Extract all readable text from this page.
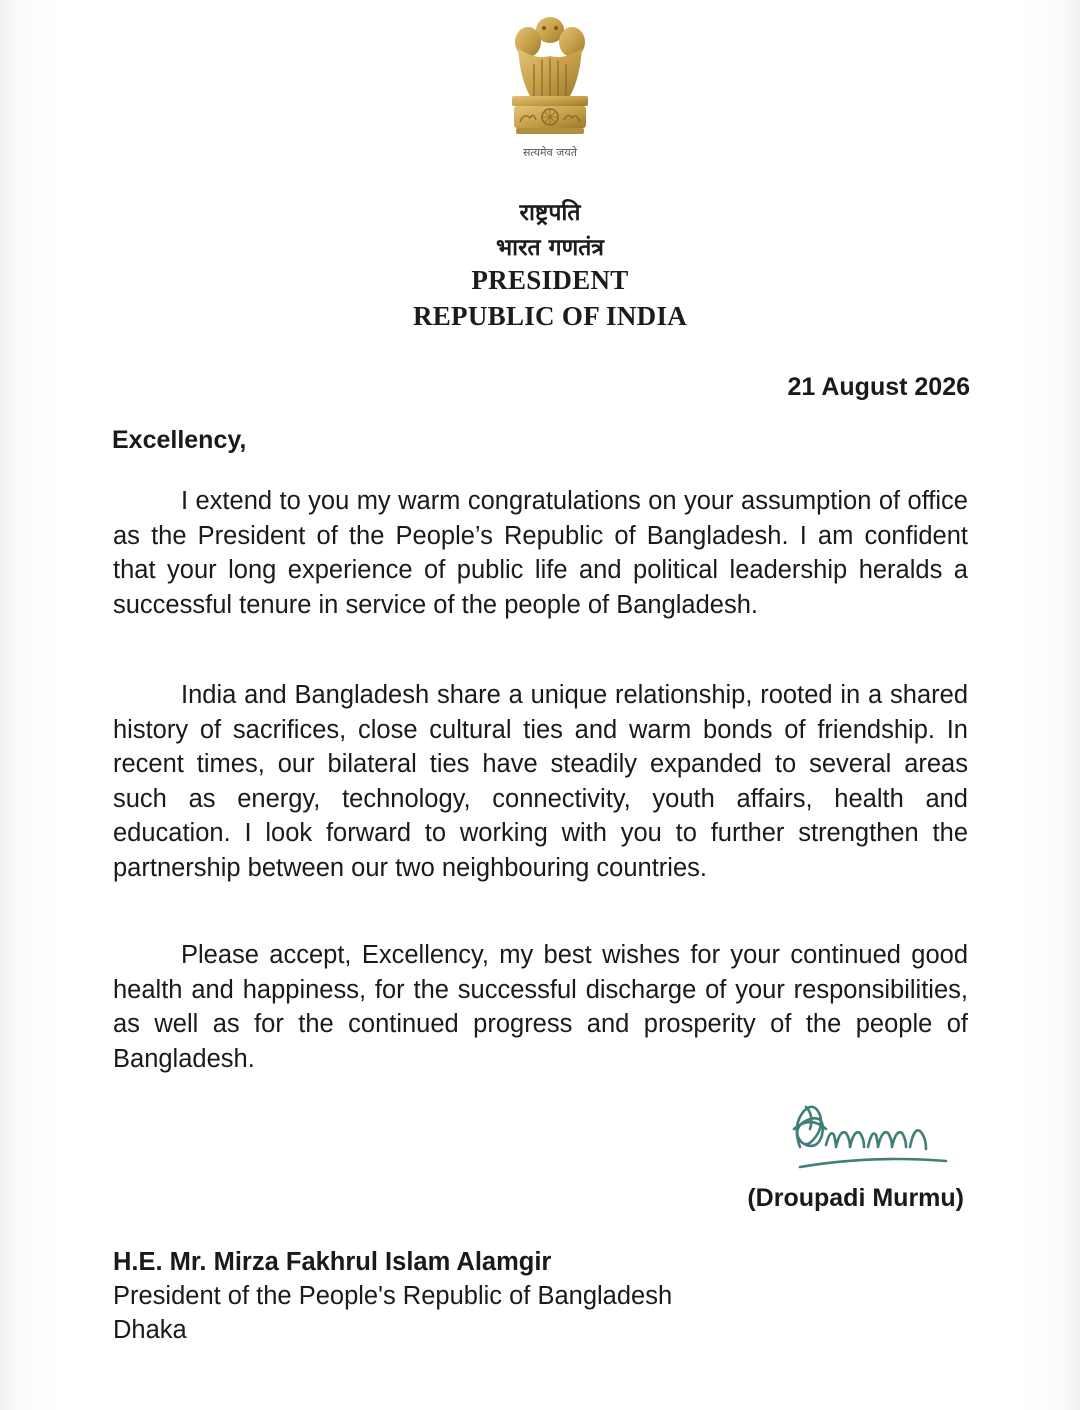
सत्यमेव जयते
राष्ट्रपति
भारत गणतंत्र
PRESIDENT
REPUBLIC OF INDIA
21 August 2026
Excellency,

I extend to you my warm congratulations on your assumption of office as the President of the People’s Republic of Bangladesh. I am confident that your long experience of public life and political leadership heralds a successful tenure in service of the people of Bangladesh.

India and Bangladesh share a unique relationship, rooted in a shared history of sacrifices, close cultural ties and warm bonds of friendship. In recent times, our bilateral ties have steadily expanded to several areas such as energy, technology, connectivity, youth affairs, health and education. I look forward to working with you to further strengthen the partnership between our two neighbouring countries.

Please accept, Excellency, my best wishes for your continued good health and happiness, for the successful discharge of your responsibilities, as well as for the continued progress and prosperity of the people of Bangladesh.

(Droupadi Murmu)
H.E. Mr. Mirza Fakhrul Islam Alamgir
President of the People's Republic of Bangladesh
Dhaka
